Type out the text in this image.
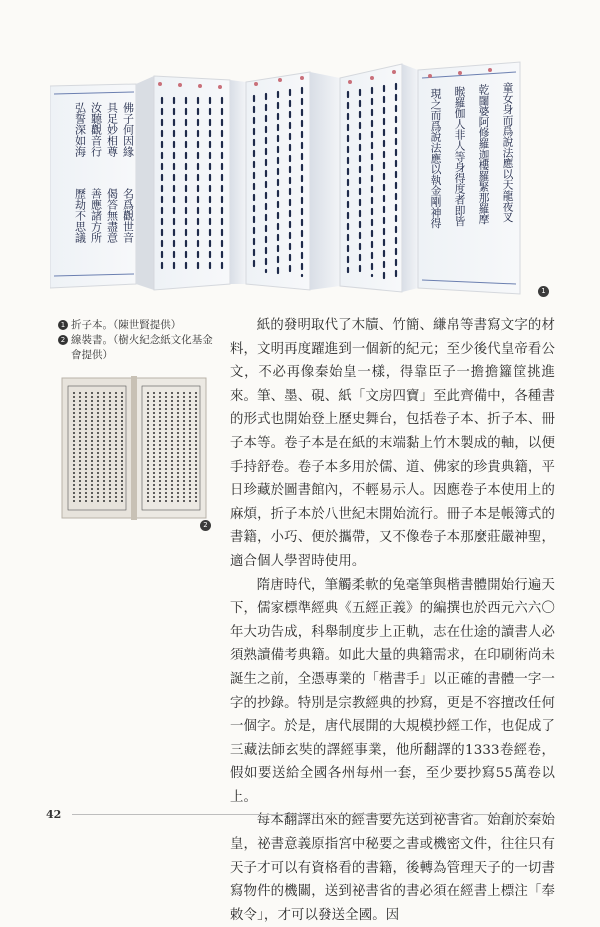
佛子何因緣
名爲觀世音
具足妙相尊
偈答無盡意
汝聽觀音行
善應諸方所
弘誓深如海
歷劫不思議	童女身而爲說法應以天龍夜叉
乾闥婆阿修羅迦樓羅緊那羅摩
睺羅伽人非人等身得度者即皆
現之而爲說法應以執金剛神得
1
1 折子本。（陳世賢提供）
2 線裝書。（樹火紀念紙文化基金
會提供）
2

紙的發明取代了木牘、竹簡、縑帛等書寫文字的材料，文明再度躍進到一個新的紀元；至少後代皇帝看公文，不必再像秦始皇一樣，得靠臣子一擔擔籮筐挑進來。筆、墨、硯、紙「文房四寶」至此齊備中，各種書的形式也開始登上歷史舞台，包括卷子本、折子本、冊子本等。卷子本是在紙的末端黏上竹木製成的軸，以便手持舒卷。卷子本多用於儒、道、佛家的珍貴典籍，平日珍藏於圖書館內，不輕易示人。因應卷子本使用上的麻煩，折子本於八世紀末開始流行。冊子本是帳簿式的書籍，小巧、便於攜帶，又不像卷子本那麼莊嚴神聖，適合個人學習時使用。

隋唐時代，筆觸柔軟的兔毫筆與楷書體開始行遍天下，儒家標準經典《五經正義》的編撰也於西元六六〇年大功告成，科舉制度步上正軌，志在仕途的讀書人必須熟讀備考典籍。如此大量的典籍需求，在印刷術尚未誕生之前，全憑專業的「楷書手」以正確的書體一字一字的抄錄。特別是宗教經典的抄寫，更是不容擅改任何一個字。於是，唐代展開的大規模抄經工作，也促成了三藏法師玄奘的譯經事業，他所翻譯的1333卷經卷，假如要送給全國各州每州一套，至少要抄寫55萬卷以上。

每本翻譯出來的經書要先送到祕書省。始創於秦始皇，祕書意義原指宮中秘要之書或機密文件，往往只有天子才可以有資格看的書籍，後轉為管理天子的一切書寫物件的機關，送到祕書省的書必須在經書上標注「奉敕令」，才可以發送全國。因

42
